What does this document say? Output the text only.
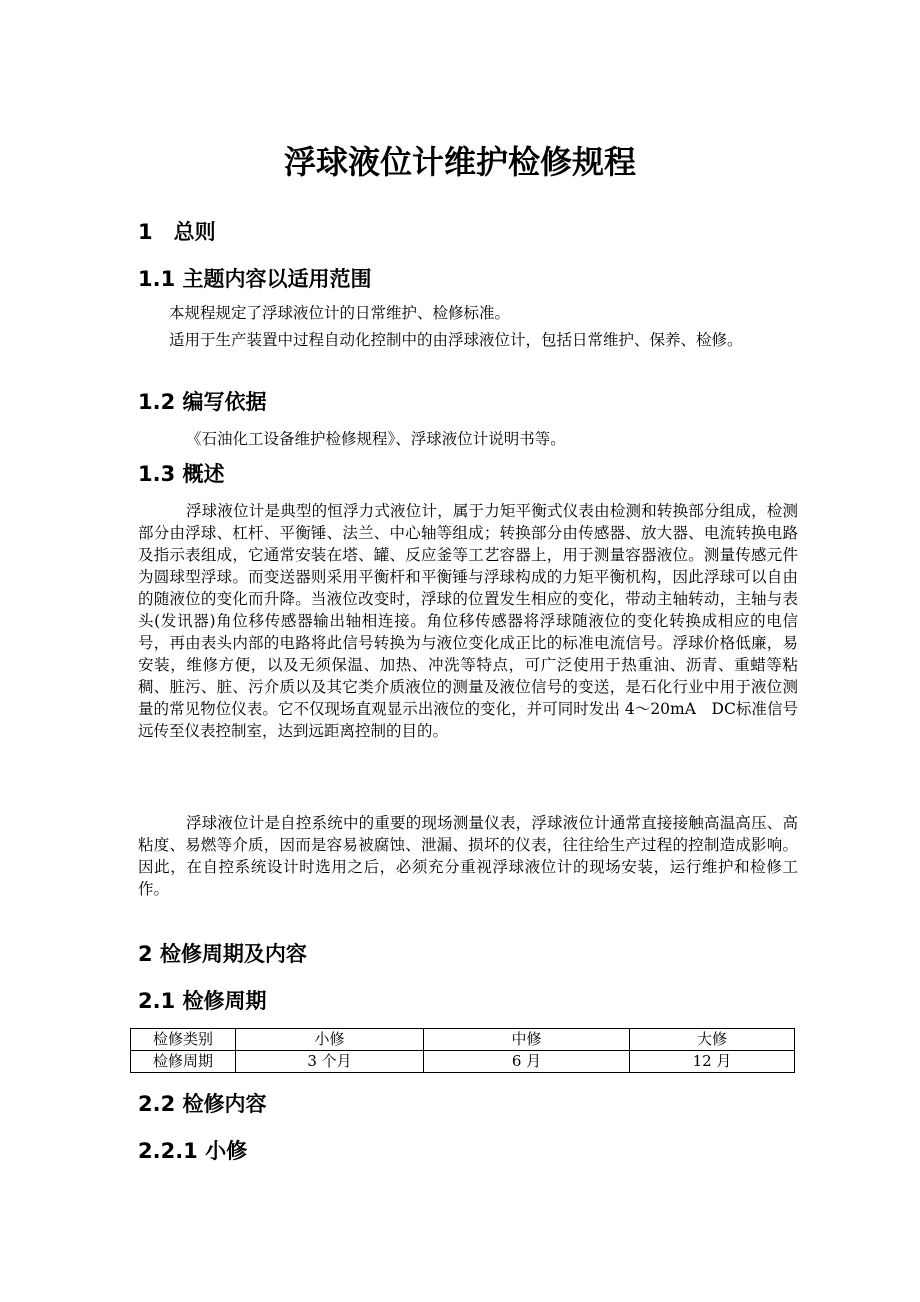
浮球液位计维护检修规程
1　总则
1.1 主题内容以适用范围
本规程规定了浮球液位计的日常维护、检修标准。
适用于生产装置中过程自动化控制中的由浮球液位计，包括日常维护、保养、检修。
1.2 编写依据
《石油化工设备维护检修规程》、浮球液位计说明书等。
1.3 概述
浮球液位计是典型的恒浮力式液位计，属于力矩平衡式仪表由检测和转换部分组成，检测部分由浮球、杠杆、平衡锤、法兰、中心轴等组成；转换部分由传感器、放大器、电流转换电路及指示表组成，它通常安装在塔、罐、反应釜等工艺容器上，用于测量容器液位。测量传感元件为圆球型浮球。而变送器则采用平衡杆和平衡锤与浮球构成的力矩平衡机构，因此浮球可以自由的随液位的变化而升降。当液位改变时，浮球的位置发生相应的变化，带动主轴转动，主轴与表头(发讯器)角位移传感器输出轴相连接。角位移传感器将浮球随液位的变化转换成相应的电信号，再由表头内部的电路将此信号转换为与液位变化成正比的标准电流信号。浮球价格低廉，易安装，维修方便，以及无须保温、加热、冲洗等特点，可广泛使用于热重油、沥青、重蜡等粘稠、脏污、脏、污介质以及其它类介质液位的测量及液位信号的变送，是石化行业中用于液位测量的常见物位仪表。它不仅现场直观显示出液位的变化，并可同时发出 4～20mA　DC标准信号远传至仪表控制室，达到远距离控制的目的。
浮球液位计是自控系统中的重要的现场测量仪表，浮球液位计通常直接接触高温高压、高粘度、易燃等介质，因而是容易被腐蚀、泄漏、损坏的仪表，往往给生产过程的控制造成影响。因此，在自控系统设计时选用之后，必须充分重视浮球液位计的现场安装，运行维护和检修工作。
2 检修周期及内容
2.1 检修周期
检修类别	小修	中修	大修
检修周期	3 个月	6 月	12 月
2.2 检修内容
2.2.1 小修
